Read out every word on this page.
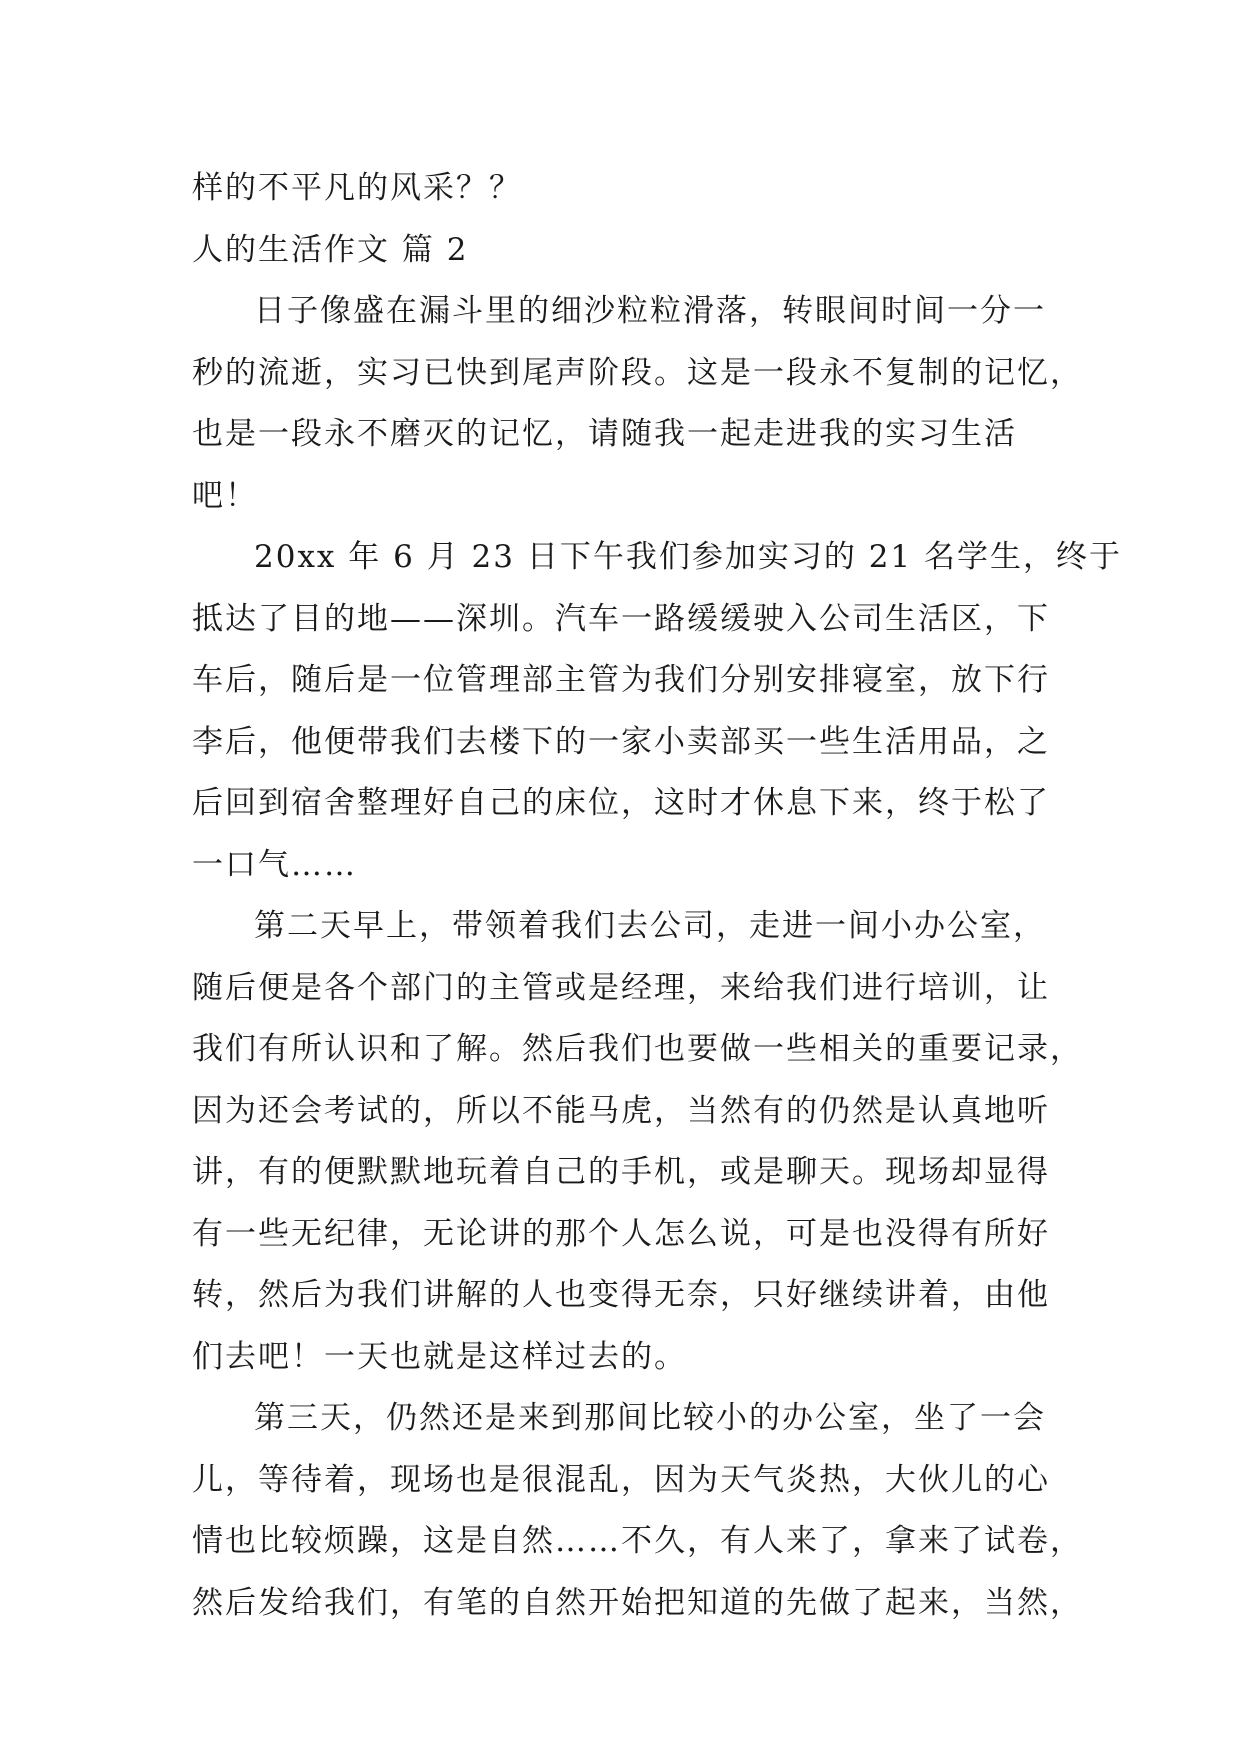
样的不平凡的风采？？
人的生活作文 篇 2
日子像盛在漏斗里的细沙粒粒滑落，转眼间时间一分一
秒的流逝，实习已快到尾声阶段。这是一段永不复制的记忆，
也是一段永不磨灭的记忆，请随我一起走进我的实习生活
吧！
20xx 年 6 月 23 日下午我们参加实习的 21 名学生，终于
抵达了目的地——深圳。汽车一路缓缓驶入公司生活区，下
车后，随后是一位管理部主管为我们分别安排寝室，放下行
李后，他便带我们去楼下的一家小卖部买一些生活用品，之
后回到宿舍整理好自己的床位，这时才休息下来，终于松了
一口气……
第二天早上，带领着我们去公司，走进一间小办公室，
随后便是各个部门的主管或是经理，来给我们进行培训，让
我们有所认识和了解。然后我们也要做一些相关的重要记录，
因为还会考试的，所以不能马虎，当然有的仍然是认真地听
讲，有的便默默地玩着自己的手机，或是聊天。现场却显得
有一些无纪律，无论讲的那个人怎么说，可是也没得有所好
转，然后为我们讲解的人也变得无奈，只好继续讲着，由他
们去吧！一天也就是这样过去的。
第三天，仍然还是来到那间比较小的办公室，坐了一会
儿，等待着，现场也是很混乱，因为天气炎热，大伙儿的心
情也比较烦躁，这是自然……不久，有人来了，拿来了试卷，
然后发给我们，有笔的自然开始把知道的先做了起来，当然，
